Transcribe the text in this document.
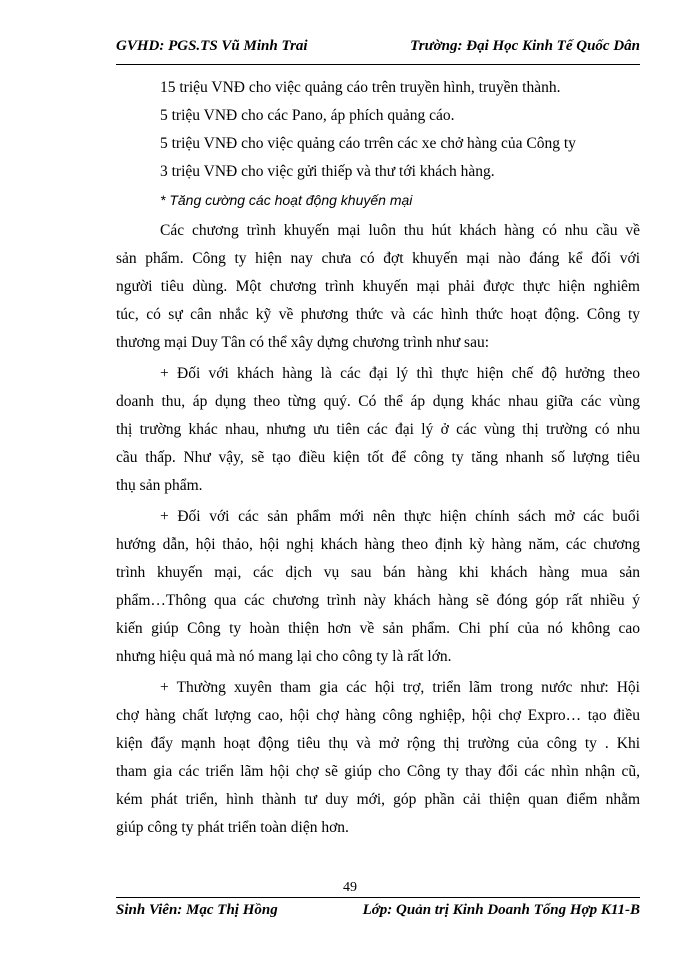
GVHD: PGS.TS Vũ Minh Trai	Trường: Đại Học Kinh Tế Quốc Dân
15 triệu VNĐ cho việc quảng cáo trên truyền hình, truyền thành.
5 triệu VNĐ cho các Pano, áp phích quảng cáo.
5 triệu VNĐ cho việc quảng cáo trrên các xe chở hàng của Công ty
3 triệu VNĐ cho việc gửi thiếp và thư tới khách hàng.
* Tăng cường các hoạt động khuyến mại
Các chương trình khuyến mại luôn thu hút khách hàng có nhu cầu về
sản phẩm. Công ty hiện nay chưa có đợt khuyến mại nào đáng kể đối với
người tiêu dùng. Một chương trình khuyến mại phải được thực hiện nghiêm
túc, có sự cân nhắc kỹ về phương thức và các hình thức hoạt động. Công ty
thương mại Duy Tân có thể xây dựng chương trình như sau:
+ Đối với khách hàng là các đại lý thì thực hiện chế độ hưởng theo
doanh thu, áp dụng theo từng quý. Có thể áp dụng khác nhau giữa các vùng
thị trường khác nhau, nhưng ưu tiên các đại lý ở các vùng thị trường có nhu
cầu thấp. Như vậy, sẽ tạo điều kiện tốt để công ty tăng nhanh số lượng tiêu
thụ sản phẩm.
+ Đối với các sản phẩm mới nên thực hiện chính sách mở các buổi
hướng dẫn, hội thảo, hội nghị khách hàng theo định kỳ hàng năm, các chương
trình khuyến mại, các dịch vụ sau bán hàng khi khách hàng mua sản
phẩm…Thông qua các chương trình này khách hàng sẽ đóng góp rất nhiều ý
kiến giúp Công ty hoàn thiện hơn về sản phẩm. Chi phí của nó không cao
nhưng hiệu quả mà nó mang lại cho công ty là rất lớn.
+ Thường xuyên tham gia các hội trợ, triển lãm trong nước như: Hội
chợ hàng chất lượng cao, hội chợ hàng công nghiệp, hội chợ Expro… tạo điều
kiện đẩy mạnh hoạt động tiêu thụ và mở rộng thị trường của công ty . Khi
tham gia các triển lãm hội chợ sẽ giúp cho Công ty thay đổi các nhìn nhận cũ,
kém phát triển, hình thành tư duy mới, góp phần cải thiện quan điểm nhằm
giúp công ty phát triển toàn diện hơn.
49
Sinh Viên: Mạc Thị Hồng	Lớp: Quản trị Kinh Doanh Tổng Hợp K11-B
